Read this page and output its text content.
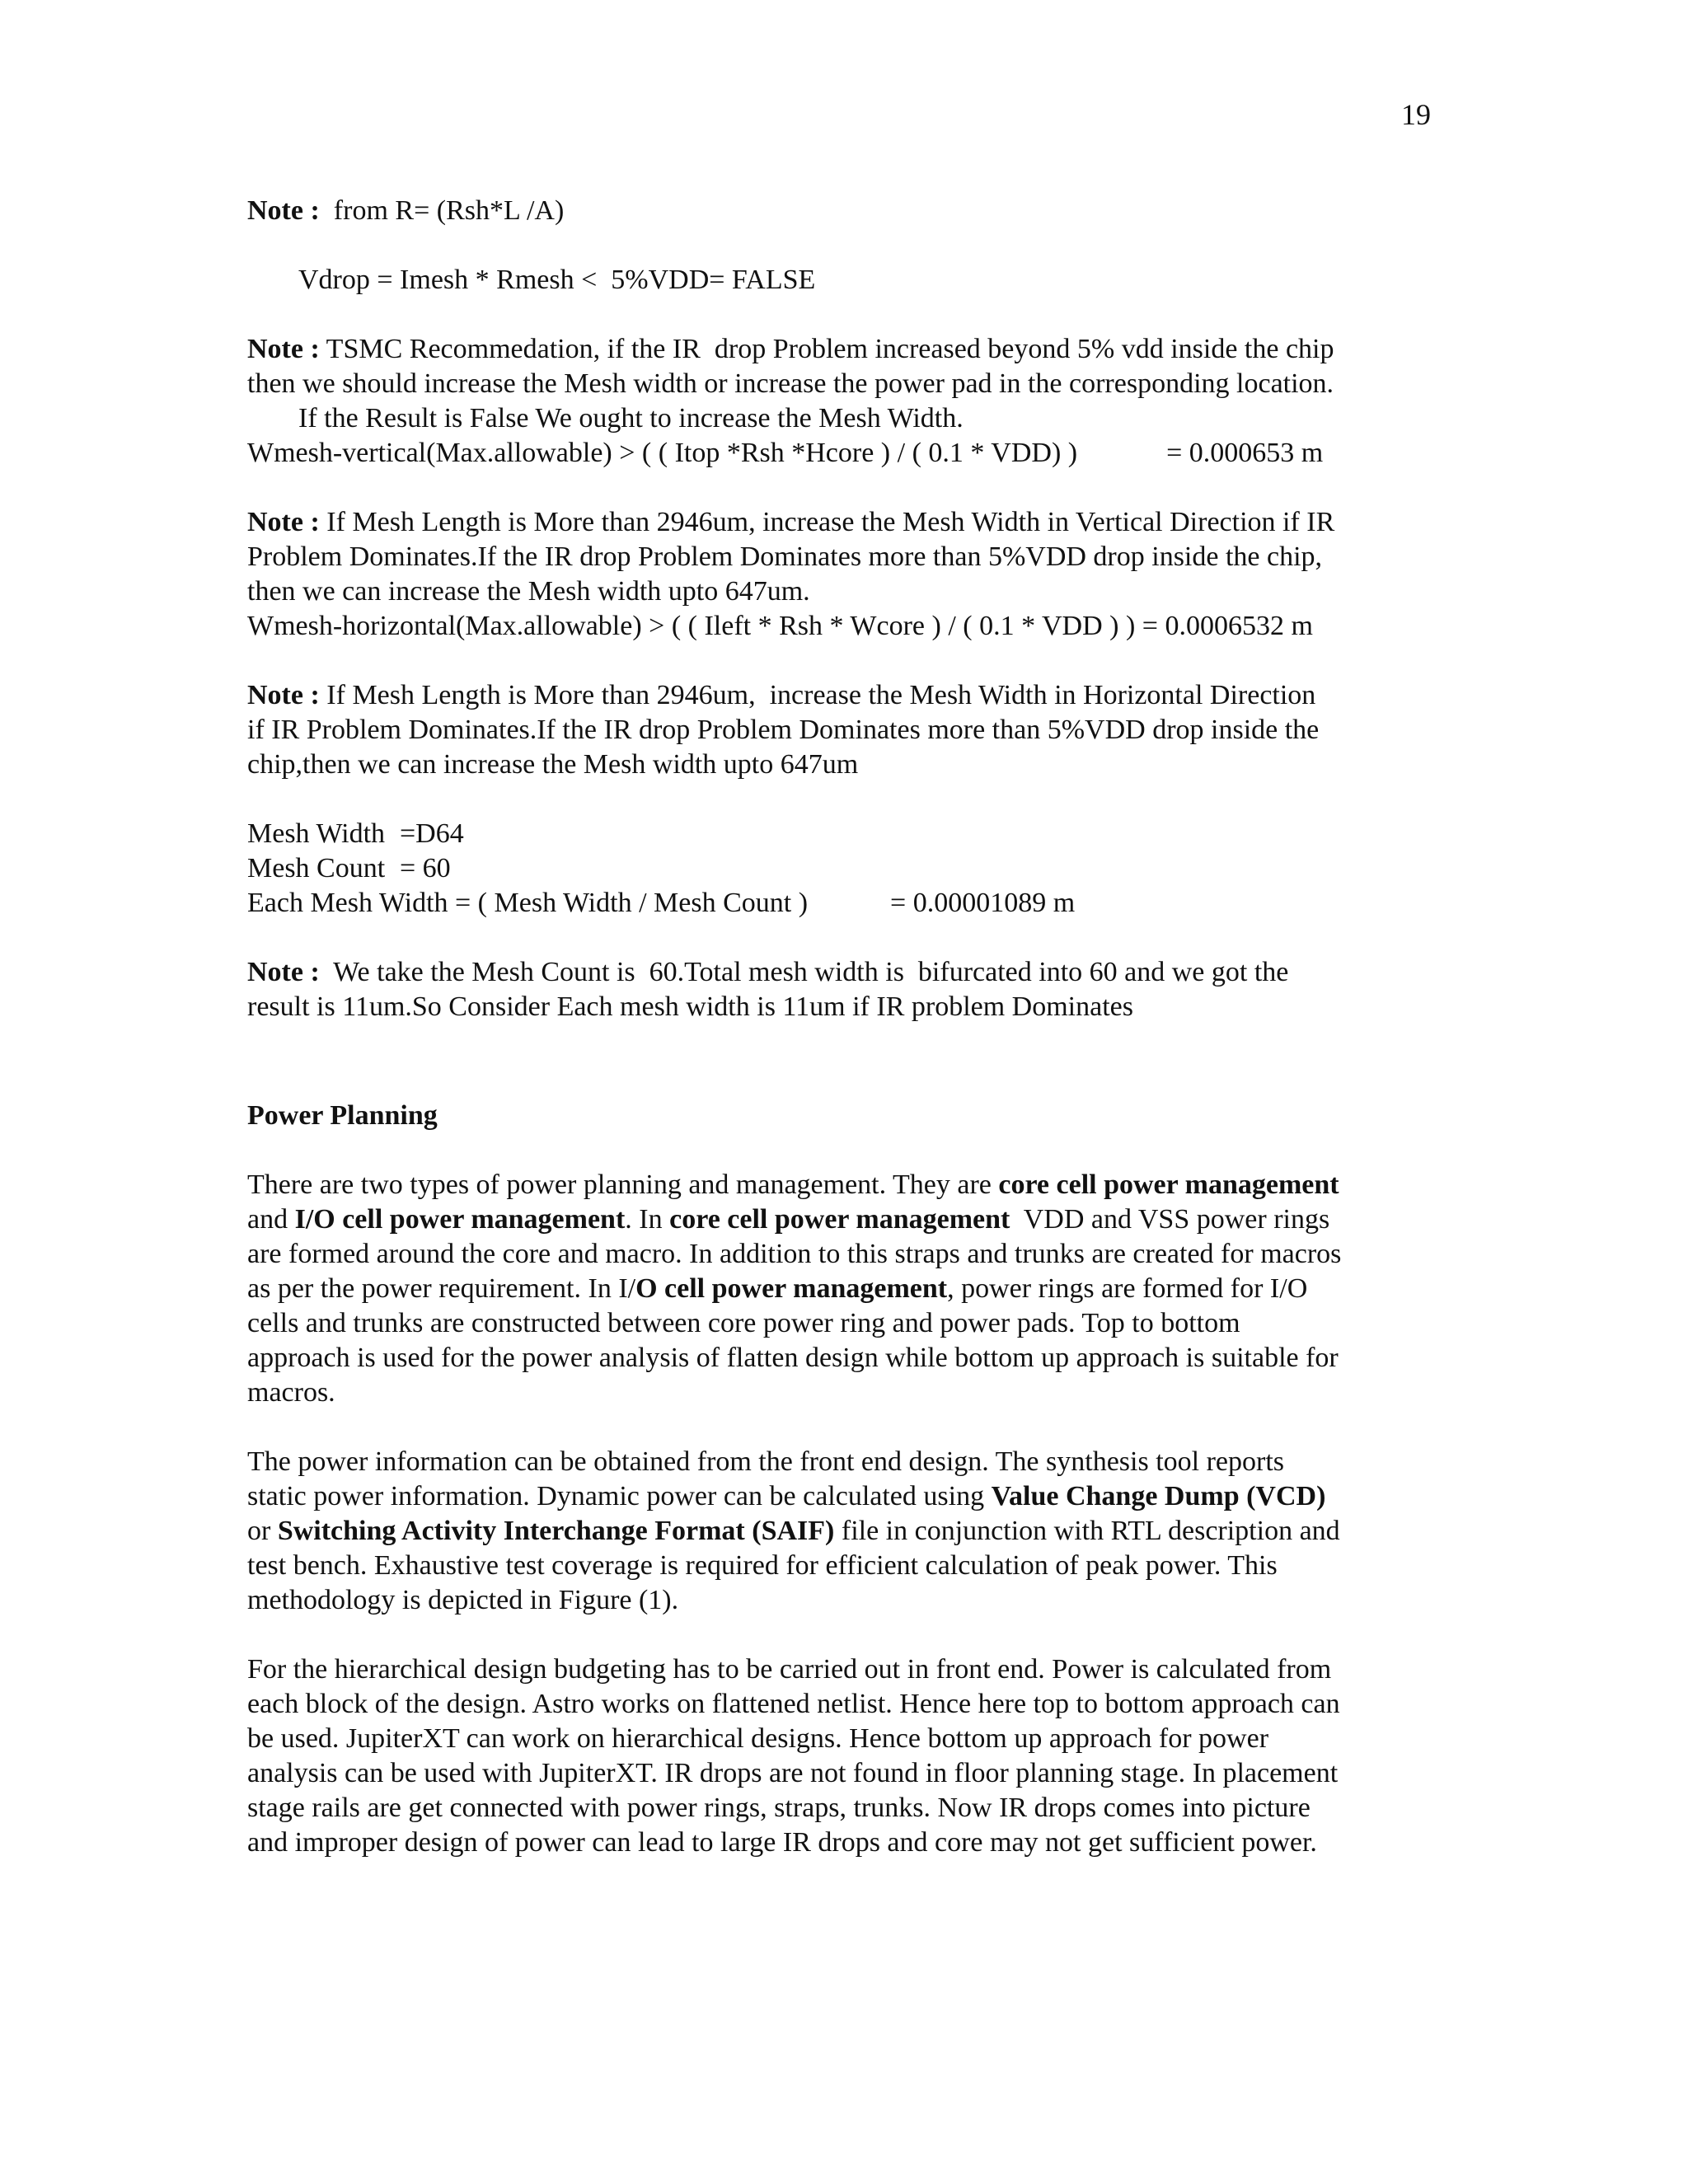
19
Note :  from R= (Rsh*L /A)
Vdrop = Imesh * Rmesh <  5%VDD= FALSE
Note : TSMC Recommedation, if the IR  drop Problem increased beyond 5% vdd inside the chip
then we should increase the Mesh width or increase the power pad in the corresponding location.
If the Result is False We ought to increase the Mesh Width.
Wmesh-vertical(Max.allowable) > ( ( Itop *Rsh *Hcore ) / ( 0.1 * VDD) )	= 0.000653 m
Note : If Mesh Length is More than 2946um, increase the Mesh Width in Vertical Direction if IR
Problem Dominates.If the IR drop Problem Dominates more than 5%VDD drop inside the chip,
then we can increase the Mesh width upto 647um.
Wmesh-horizontal(Max.allowable) > ( ( Ileft * Rsh * Wcore ) / ( 0.1 * VDD ) ) = 0.0006532 m
Note : If Mesh Length is More than 2946um,  increase the Mesh Width in Horizontal Direction
if IR Problem Dominates.If the IR drop Problem Dominates more than 5%VDD drop inside the
chip,then we can increase the Mesh width upto 647um
Mesh Width =D64
Mesh Count = 60
Each Mesh Width = ( Mesh Width / Mesh Count )	= 0.00001089 m
Note :  We take the Mesh Count is  60.Total mesh width is  bifurcated into 60 and we got the
result is 11um.So Consider Each mesh width is 11um if IR problem Dominates
Power Planning
There are two types of power planning and management. They are core cell power management
and I/O cell power management. In core cell power management  VDD and VSS power rings
are formed around the core and macro. In addition to this straps and trunks are created for macros
as per the power requirement. In I/O cell power management, power rings are formed for I/O
cells and trunks are constructed between core power ring and power pads. Top to bottom
approach is used for the power analysis of flatten design while bottom up approach is suitable for
macros.
The power information can be obtained from the front end design. The synthesis tool reports
static power information. Dynamic power can be calculated using Value Change Dump (VCD)
or Switching Activity Interchange Format (SAIF) file in conjunction with RTL description and
test bench. Exhaustive test coverage is required for efficient calculation of peak power. This
methodology is depicted in Figure (1).
For the hierarchical design budgeting has to be carried out in front end. Power is calculated from
each block of the design. Astro works on flattened netlist. Hence here top to bottom approach can
be used. JupiterXT can work on hierarchical designs. Hence bottom up approach for power
analysis can be used with JupiterXT. IR drops are not found in floor planning stage. In placement
stage rails are get connected with power rings, straps, trunks. Now IR drops comes into picture
and improper design of power can lead to large IR drops and core may not get sufficient power.
